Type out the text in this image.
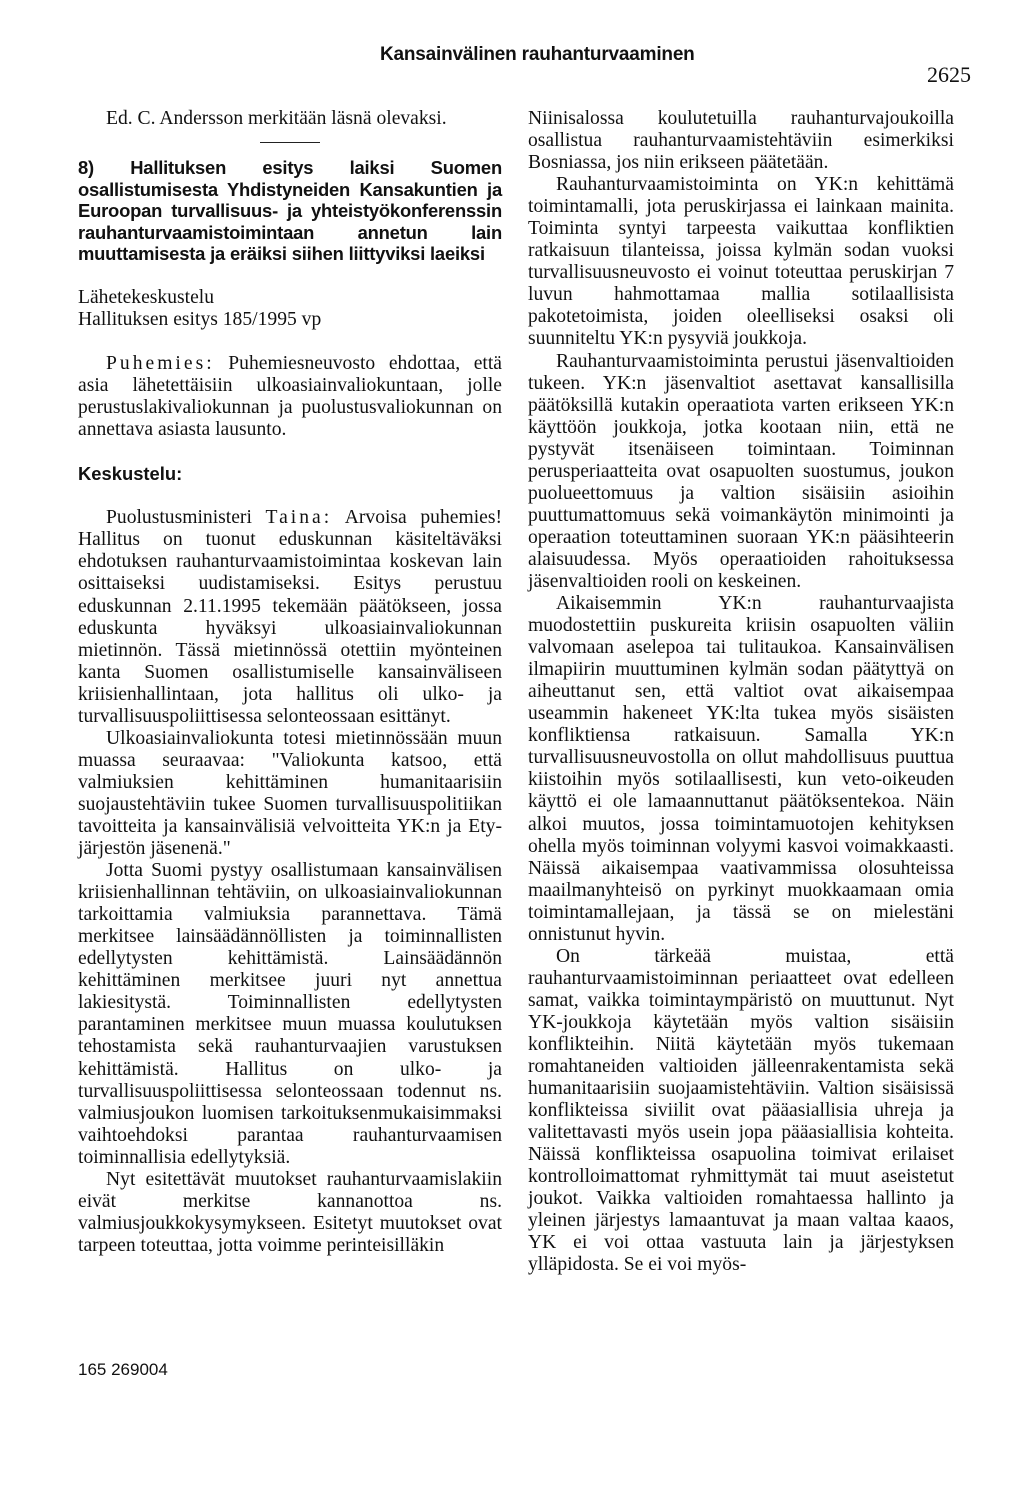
Kansainvälinen rauhanturvaaminen
2625

Ed. C. Andersson merkitään läsnä olevaksi.

8) Hallituksen esitys laiksi Suomen osallistumisesta Yhdistyneiden Kansakuntien ja Euroopan turvallisuus- ja yhteistyökonferenssin rauhanturvaamistoimintaan annetun lain muuttamisesta ja eräiksi siihen liittyviksi laeiksi

Lähetekeskustelu

Hallituksen esitys 185/1995 vp

Puhemies: Puhemiesneuvosto ehdottaa, että asia lähetettäisiin ulkoasiainvaliokuntaan, jolle perustuslakivaliokunnan ja puolustusvaliokunnan on annettava asiasta lausunto.

Keskustelu:

Puolustusministeri Taina: Arvoisa puhemies! Hallitus on tuonut eduskunnan käsiteltäväksi ehdotuksen rauhanturvaamistoimintaa koskevan lain osittaiseksi uudistamiseksi. Esitys perustuu eduskunnan 2.11.1995 tekemään päätökseen, jossa eduskunta hyväksyi ulkoasiainvaliokunnan mietinnön. Tässä mietinnössä otettiin myönteinen kanta Suomen osallistumiselle kansainväliseen kriisienhallintaan, jota hallitus oli ulko- ja turvallisuuspoliittisessa selonteossaan esittänyt.

Ulkoasiainvaliokunta totesi mietinnössään muun muassa seuraavaa: "Valiokunta katsoo, että valmiuksien kehittäminen humanitaarisiin suojaustehtäviin tukee Suomen turvallisuuspolitiikan tavoitteita ja kansainvälisiä velvoitteita YK:n ja Ety-järjestön jäsenenä."

Jotta Suomi pystyy osallistumaan kansainvälisen kriisienhallinnan tehtäviin, on ulkoasiainvaliokunnan tarkoittamia valmiuksia parannettava. Tämä merkitsee lainsäädännöllisten ja toiminnallisten edellytysten kehittämistä. Lainsäädännön kehittäminen merkitsee juuri nyt annettua lakiesitystä. Toiminnallisten edellytysten parantaminen merkitsee muun muassa koulutuksen tehostamista sekä rauhanturvaajien varustuksen kehittämistä. Hallitus on ulko- ja turvallisuuspoliittisessa selonteossaan todennut ns. valmiusjoukon luomisen tarkoituksenmukaisimmaksi vaihtoehdoksi parantaa rauhanturvaamisen toiminnallisia edellytyksiä.

Nyt esitettävät muutokset rauhanturvaamislakiin eivät merkitse kannanottoa ns. valmiusjoukkokysymykseen. Esitetyt muutokset ovat tarpeen toteuttaa, jotta voimme perinteisilläkin

Niinisalossa koulutetuilla rauhanturvajoukoilla osallistua rauhanturvaamistehtäviin esimerkiksi Bosniassa, jos niin erikseen päätetään.

Rauhanturvaamistoiminta on YK:n kehittämä toimintamalli, jota peruskirjassa ei lainkaan mainita. Toiminta syntyi tarpeesta vaikuttaa konfliktien ratkaisuun tilanteissa, joissa kylmän sodan vuoksi turvallisuusneuvosto ei voinut toteuttaa peruskirjan 7 luvun hahmottamaa mallia sotilaallisista pakotetoimista, joiden oleelliseksi osaksi oli suunniteltu YK:n pysyviä joukkoja.

Rauhanturvaamistoiminta perustui jäsenvaltioiden tukeen. YK:n jäsenvaltiot asettavat kansallisilla päätöksillä kutakin operaatiota varten erikseen YK:n käyttöön joukkoja, jotka kootaan niin, että ne pystyvät itsenäiseen toimintaan. Toiminnan perusperiaatteita ovat osapuolten suostumus, joukon puolueettomuus ja valtion sisäisiin asioihin puuttumattomuus sekä voimankäytön minimointi ja operaation toteuttaminen suoraan YK:n pääsihteerin alaisuudessa. Myös operaatioiden rahoituksessa jäsenvaltioiden rooli on keskeinen.

Aikaisemmin YK:n rauhanturvaajista muodostettiin puskureita kriisin osapuolten väliin valvomaan aselepoa tai tulitaukoa. Kansainvälisen ilmapiirin muuttuminen kylmän sodan päätyttyä on aiheuttanut sen, että valtiot ovat aikaisempaa useammin hakeneet YK:lta tukea myös sisäisten konfliktiensa ratkaisuun. Samalla YK:n turvallisuusneuvostolla on ollut mahdollisuus puuttua kiistoihin myös sotilaallisesti, kun veto-oikeuden käyttö ei ole lamaannuttanut päätöksentekoa. Näin alkoi muutos, jossa toimintamuotojen kehityksen ohella myös toiminnan volyymi kasvoi voimakkaasti. Näissä aikaisempaa vaativammissa olosuhteissa maailmanyhteisö on pyrkinyt muokkaamaan omia toimintamallejaan, ja tässä se on mielestäni onnistunut hyvin.

On tärkeää muistaa, että rauhanturvaamistoiminnan periaatteet ovat edelleen samat, vaikka toimintaympäristö on muuttunut. Nyt YK-joukkoja käytetään myös valtion sisäisiin konflikteihin. Niitä käytetään myös tukemaan romahtaneiden valtioiden jälleenrakentamista sekä humanitaarisiin suojaamistehtäviin. Valtion sisäisissä konflikteissa siviilit ovat pääasiallisia uhreja ja valitettavasti myös usein jopa pääasiallisia kohteita. Näissä konflikteissa osapuolina toimivat erilaiset kontrolloimattomat ryhmittymät tai muut aseistetut joukot. Vaikka valtioiden romahtaessa hallinto ja yleinen järjestys lamaantuvat ja maan valtaa kaaos, YK ei voi ottaa vastuuta lain ja järjestyksen ylläpidosta. Se ei voi myös-

165 269004
